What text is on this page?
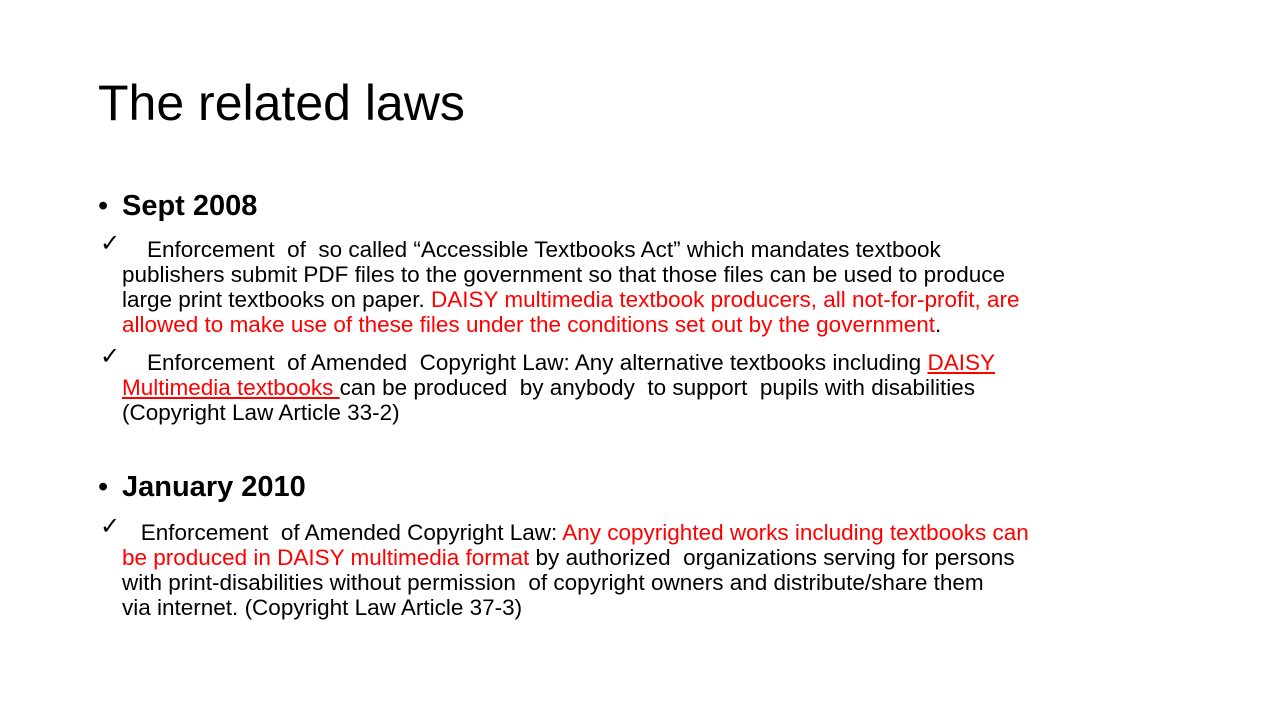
The related laws
• Sept 2008
✓ Enforcement  of  so called “Accessible Textbooks Act” which mandates textbook
publishers submit PDF files to the government so that those files can be used to produce
large print textbooks on paper. DAISY multimedia textbook producers, all not-for-profit, are
allowed to make use of these files under the conditions set out by the government.
✓ Enforcement  of Amended  Copyright Law: Any alternative textbooks including DAISY
Multimedia textbooks can be produced  by anybody  to support  pupils with disabilities
(Copyright Law Article 33-2)
• January 2010
✓ Enforcement  of Amended Copyright Law: Any copyrighted works including textbooks can
be produced in DAISY multimedia format by authorized  organizations serving for persons
with print-disabilities without permission  of copyright owners and distribute/share them
via internet. (Copyright Law Article 37-3)
